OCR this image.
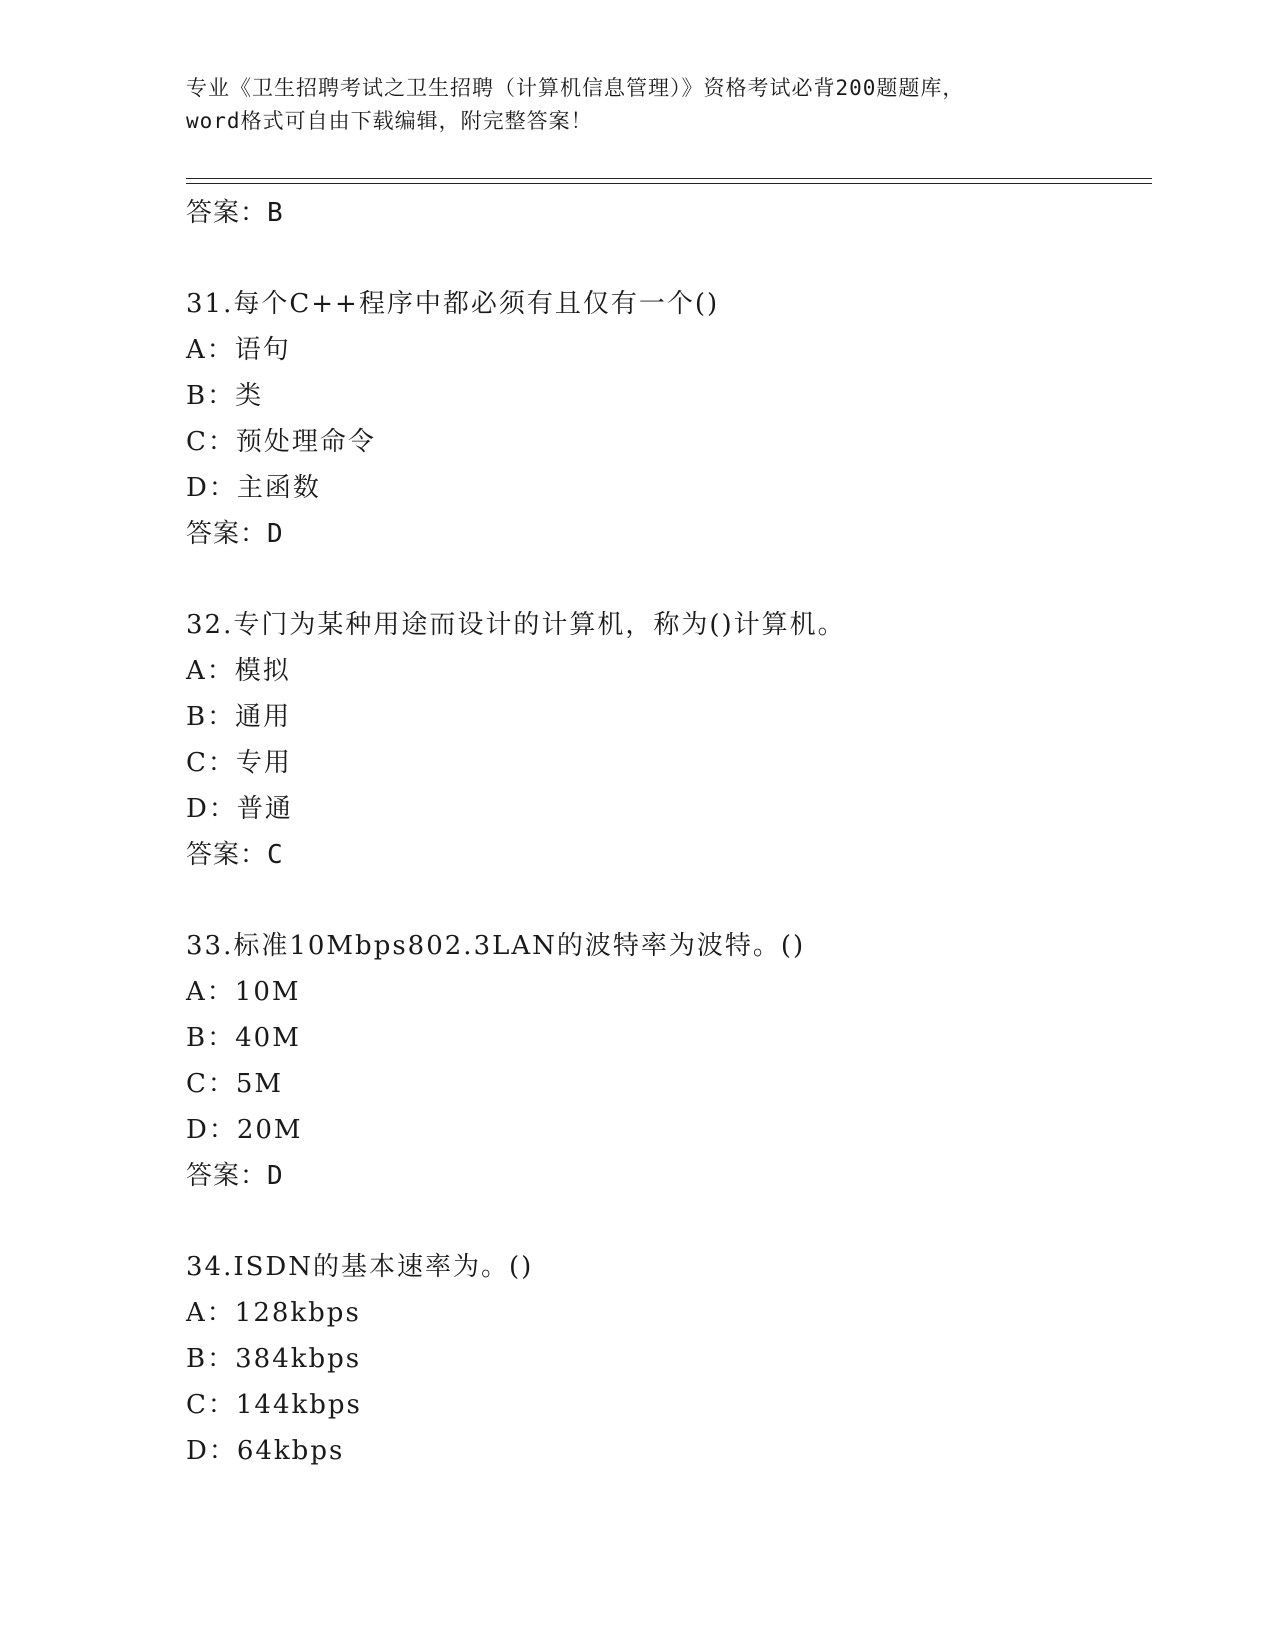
专业《卫生招聘考试之卫生招聘（计算机信息管理）》资格考试必背200题题库，
word格式可自由下载编辑，附完整答案！
答案：B
31.每个C++程序中都必须有且仅有一个()
A：语句
B：类
C：预处理命令
D：主函数
答案：D
32.专门为某种用途而设计的计算机，称为()计算机。
A：模拟
B：通用
C：专用
D：普通
答案：C
33.标准10Mbps802.3LAN的波特率为波特。()
A：10M
B：40M
C：5M
D：20M
答案：D
34.ISDN的基本速率为。()
A：128kbps
B：384kbps
C：144kbps
D：64kbps
